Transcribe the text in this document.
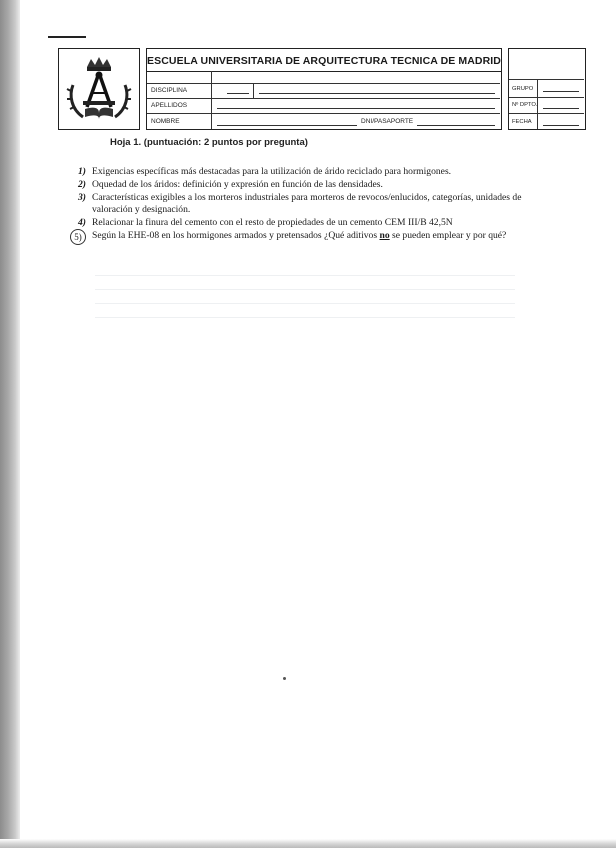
ESCUELA UNIVERSITARIA DE ARQUITECTURA TECNICA DE MADRID
DISCIPLINA
APELLIDOS
NOMBRE	DNI/PASAPORTE
GRUPO
Nº DPTO.
FECHA
Hoja 1. (puntuación: 2 puntos por pregunta)
1) Exigencias específicas más destacadas para la utilización de árido reciclado para hormigones.
2) Oquedad de los áridos: definición y expresión en función de las densidades.
3) Características exigibles a los morteros industriales para morteros de revocos/enlucidos, categorías, unidades de valoración y designación.
4) Relacionar la finura del cemento con el resto de propiedades de un cemento CEM III/B 42,5N
5)	Según la EHE-08 en los hormigones armados y pretensados ¿Qué aditivos no se pueden emplear y por qué?
